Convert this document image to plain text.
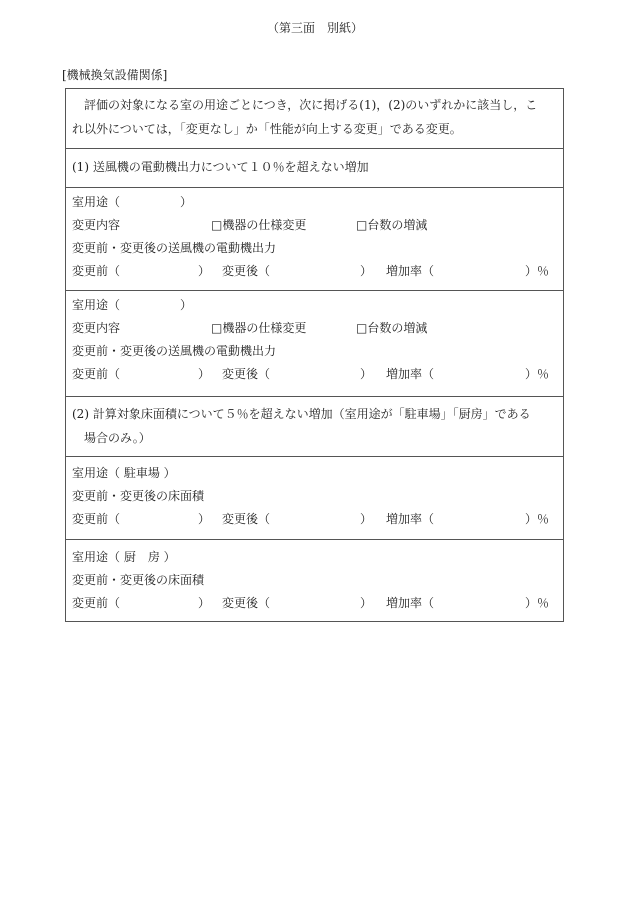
（第三面　別紙）
[機械換気設備関係]
　評価の対象になる室の用途ごとにつき，次に掲げる(1)，(2)のいずれかに該当し，こ
れ以外については，「変更なし」か「性能が向上する変更」である変更。
(1) 送風機の電動機出力について１０％を超えない増加
室用途（　　　　　）
変更内容	□機器の仕様変更	□台数の増減
変更前・変更後の送風機の電動機出力
変更前（	） 変更後（	） 増加率（	）％
室用途（　　　　　）
変更内容	□機器の仕様変更	□台数の増減
変更前・変更後の送風機の電動機出力
変更前（	） 変更後（	） 増加率（	）％
(2) 計算対象床面積について５％を超えない増加（室用途が「駐車場」「厨房」である
　場合のみ。）
室用途（ 駐車場 ）
変更前・変更後の床面積
変更前（	） 変更後（	） 増加率（	）％
室用途（ 厨　房 ）
変更前・変更後の床面積
変更前（	） 変更後（	） 増加率（	）％
